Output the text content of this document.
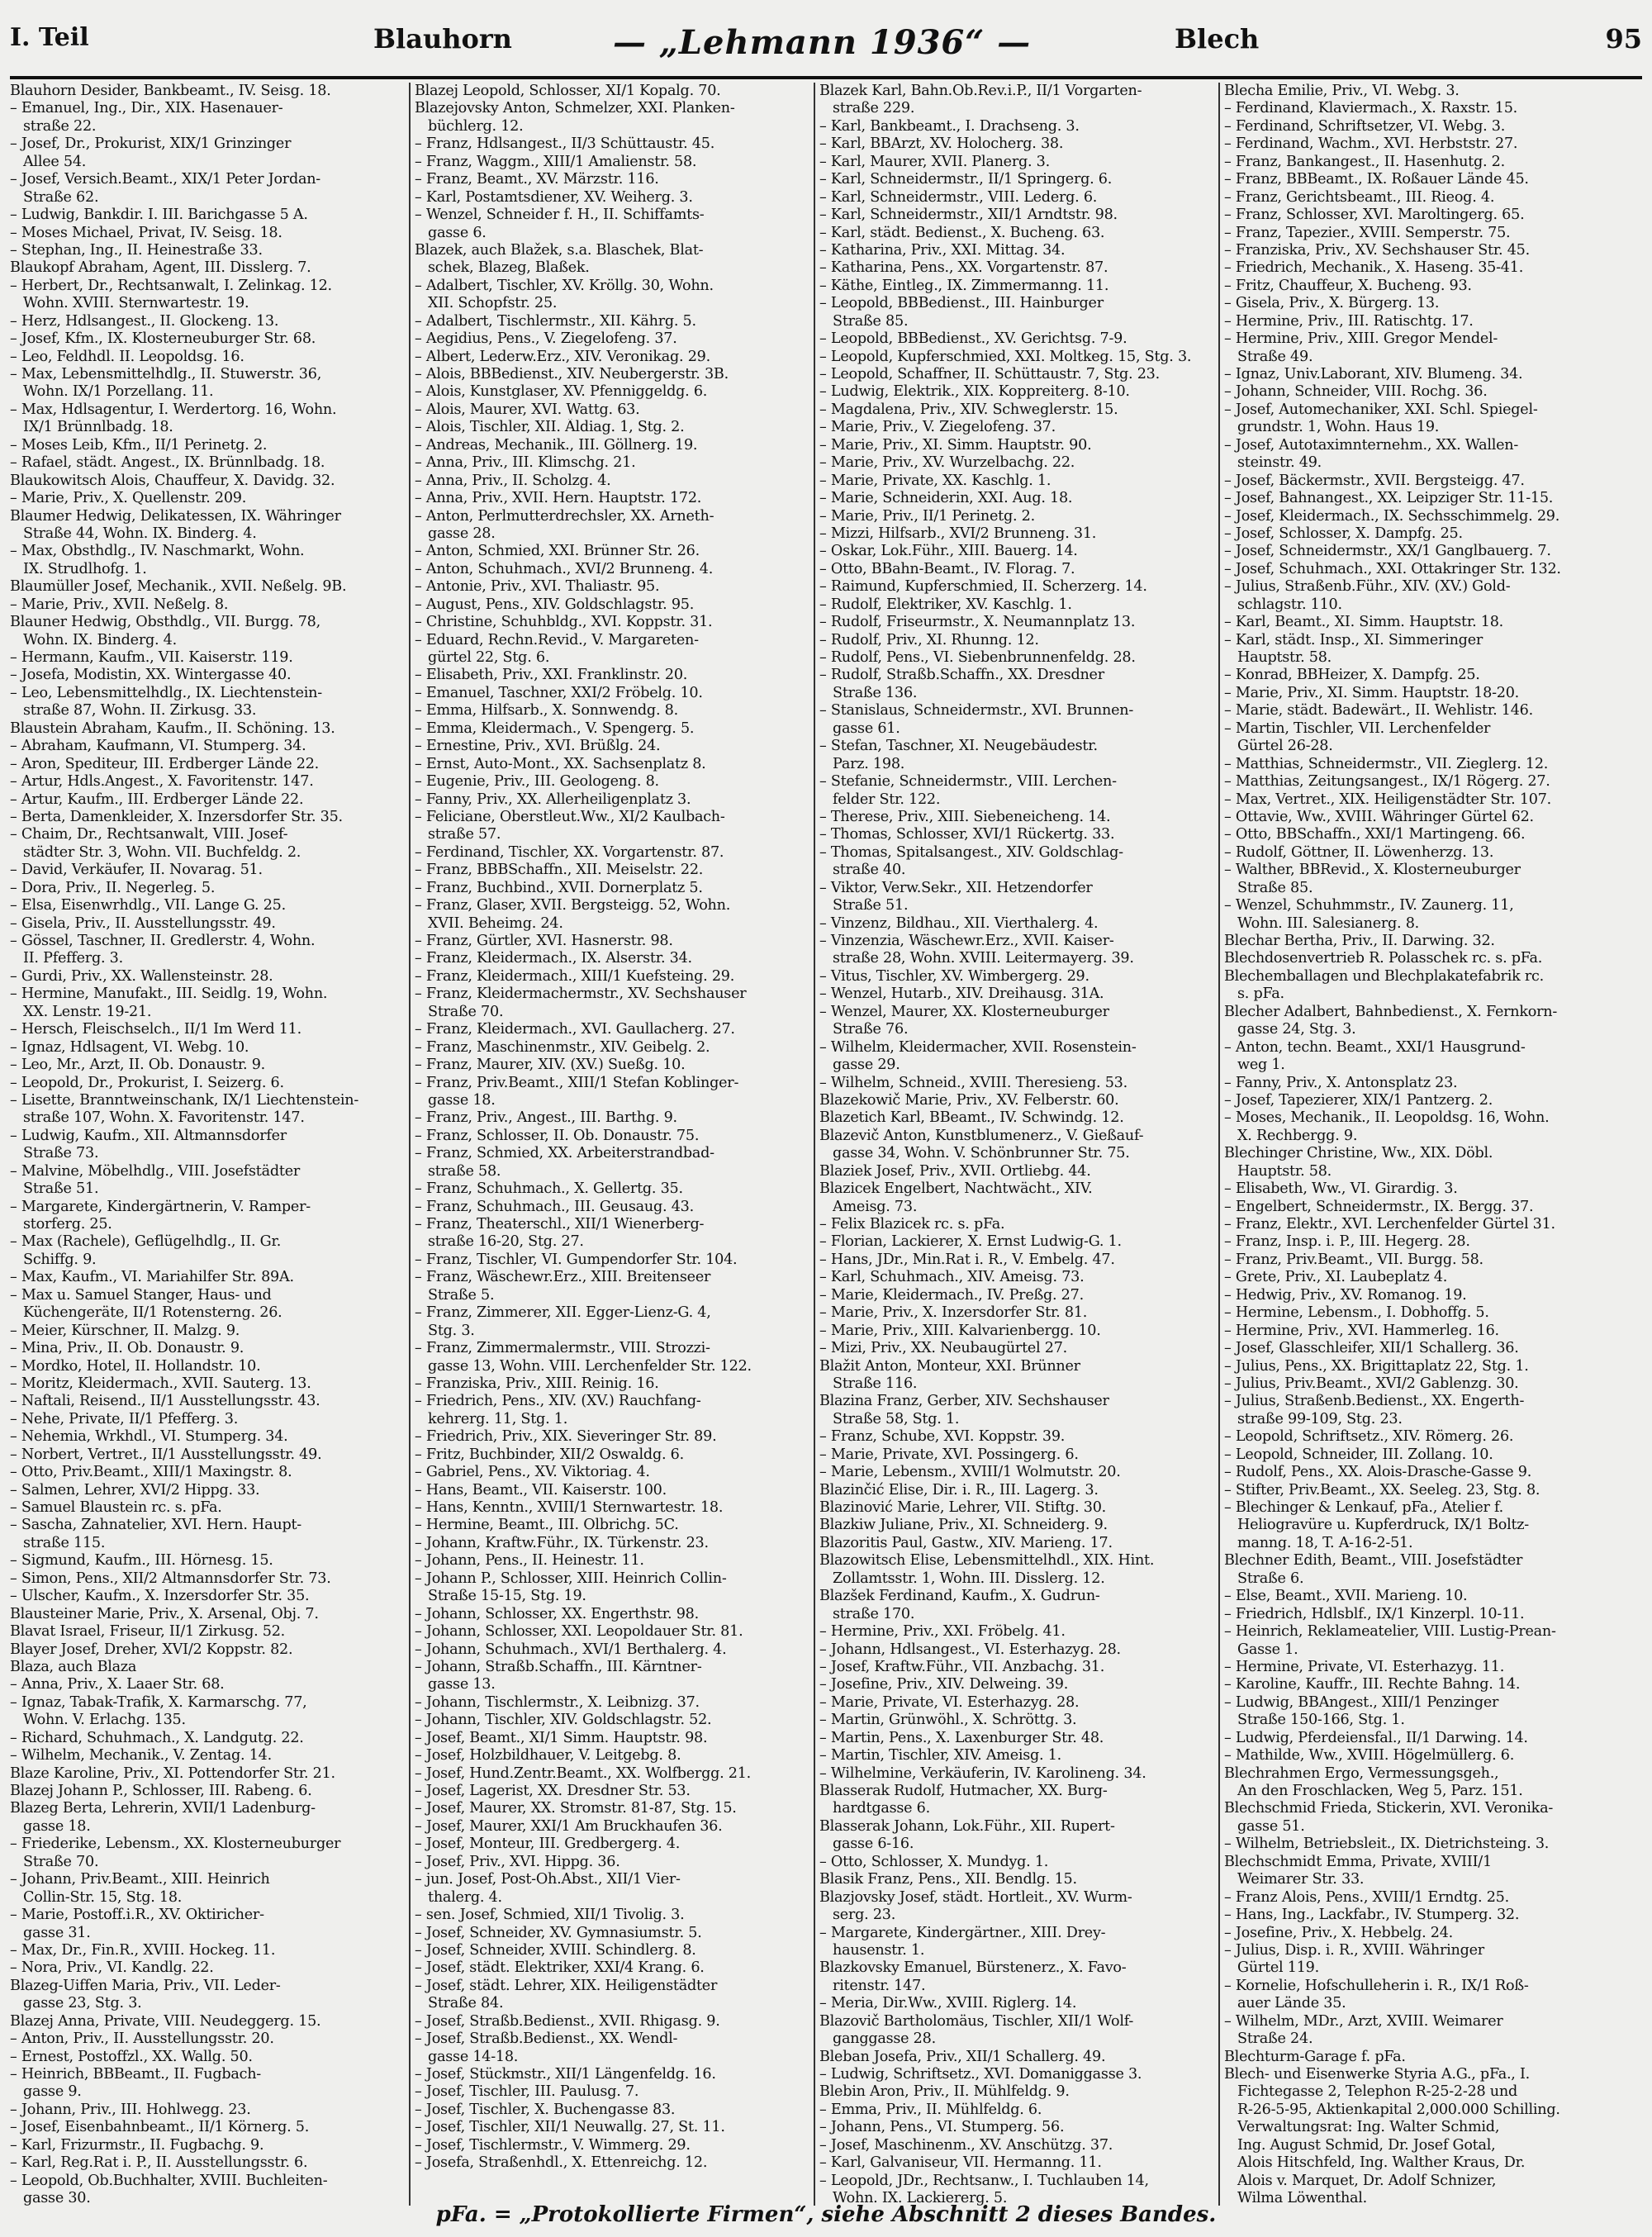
I. Teil	Blauhorn	— „Lehmann 1936“ —	Blech	95
Blauhorn Desider, Bankbeamt., IV. Seisg. 18.
– Emanuel, Ing., Dir., XIX. Hasenauer-
straße 22.
– Josef, Dr., Prokurist, XIX/1 Grinzinger
Allee 54.
– Josef, Versich.Beamt., XIX/1 Peter Jordan-
Straße 62.
– Ludwig, Bankdir. I. III. Barichgasse 5 A.
– Moses Michael, Privat, IV. Seisg. 18.
– Stephan, Ing., II. Heinestraße 33.
Blaukopf Abraham, Agent, III. Disslerg. 7.
– Herbert, Dr., Rechtsanwalt, I. Zelinkag. 12.
Wohn. XVIII. Sternwartestr. 19.
– Herz, Hdlsangest., II. Glockeng. 13.
– Josef, Kfm., IX. Klosterneuburger Str. 68.
– Leo, Feldhdl. II. Leopoldsg. 16.
– Max, Lebensmittelhdlg., II. Stuwerstr. 36,
Wohn. IX/1 Porzellang. 11.
– Max, Hdlsagentur, I. Werdertorg. 16, Wohn.
IX/1 Brünnlbadg. 18.
– Moses Leib, Kfm., II/1 Perinetg. 2.
– Rafael, städt. Angest., IX. Brünnlbadg. 18.
Blaukowitsch Alois, Chauffeur, X. Davidg. 32.
– Marie, Priv., X. Quellenstr. 209.
Blaumer Hedwig, Delikatessen, IX. Währinger
Straße 44, Wohn. IX. Binderg. 4.
– Max, Obsthdlg., IV. Naschmarkt, Wohn.
IX. Strudlhofg. 1.
Blaumüller Josef, Mechanik., XVII. Neßelg. 9B.
– Marie, Priv., XVII. Neßelg. 8.
Blauner Hedwig, Obsthdlg., VII. Burgg. 78,
Wohn. IX. Binderg. 4.
– Hermann, Kaufm., VII. Kaiserstr. 119.
– Josefa, Modistin, XX. Wintergasse 40.
– Leo, Lebensmittelhdlg., IX. Liechtenstein-
straße 87, Wohn. II. Zirkusg. 33.
Blaustein Abraham, Kaufm., II. Schöning. 13.
– Abraham, Kaufmann, VI. Stumperg. 34.
– Aron, Spediteur, III. Erdberger Lände 22.
– Artur, Hdls.Angest., X. Favoritenstr. 147.
– Artur, Kaufm., III. Erdberger Lände 22.
– Berta, Damenkleider, X. Inzersdorfer Str. 35.
– Chaim, Dr., Rechtsanwalt, VIII. Josef-
städter Str. 3, Wohn. VII. Buchfeldg. 2.
– David, Verkäufer, II. Novarag. 51.
– Dora, Priv., II. Negerleg. 5.
– Elsa, Eisenwrhdlg., VII. Lange G. 25.
– Gisela, Priv., II. Ausstellungsstr. 49.
– Gössel, Taschner, II. Gredlerstr. 4, Wohn.
II. Pfefferg. 3.
– Gurdi, Priv., XX. Wallensteinstr. 28.
– Hermine, Manufakt., III. Seidlg. 19, Wohn.
XX. Lenstr. 19-21.
– Hersch, Fleischselch., II/1 Im Werd 11.
– Ignaz, Hdlsagent, VI. Webg. 10.
– Leo, Mr., Arzt, II. Ob. Donaustr. 9.
– Leopold, Dr., Prokurist, I. Seizerg. 6.
– Lisette, Branntweinschank, IX/1 Liechtenstein-
straße 107, Wohn. X. Favoritenstr. 147.
– Ludwig, Kaufm., XII. Altmannsdorfer
Straße 73.
– Malvine, Möbelhdlg., VIII. Josefstädter
Straße 51.
– Margarete, Kindergärtnerin, V. Ramper-
storferg. 25.
– Max (Rachele), Geflügelhdlg., II. Gr.
Schiffg. 9.
– Max, Kaufm., VI. Mariahilfer Str. 89A.
– Max u. Samuel Stanger, Haus- und
Küchengeräte, II/1 Rotensterng. 26.
– Meier, Kürschner, II. Malzg. 9.
– Mina, Priv., II. Ob. Donaustr. 9.
– Mordko, Hotel, II. Hollandstr. 10.
– Moritz, Kleidermach., XVII. Sauterg. 13.
– Naftali, Reisend., II/1 Ausstellungsstr. 43.
– Nehe, Private, II/1 Pfefferg. 3.
– Nehemia, Wrkhdl., VI. Stumperg. 34.
– Norbert, Vertret., II/1 Ausstellungsstr. 49.
– Otto, Priv.Beamt., XIII/1 Maxingstr. 8.
– Salmen, Lehrer, XVI/2 Hippg. 33.
– Samuel Blaustein rc. s. pFa.
– Sascha, Zahnatelier, XVI. Hern. Haupt-
straße 115.
– Sigmund, Kaufm., III. Hörnesg. 15.
– Simon, Pens., XII/2 Altmannsdorfer Str. 73.
– Ulscher, Kaufm., X. Inzersdorfer Str. 35.
Blausteiner Marie, Priv., X. Arsenal, Obj. 7.
Blavat Israel, Friseur, II/1 Zirkusg. 52.
Blayer Josef, Dreher, XVI/2 Koppstr. 82.
Blaza, auch Blaza
– Anna, Priv., X. Laaer Str. 68.
– Ignaz, Tabak-Trafik, X. Karmarschg. 77,
Wohn. V. Erlachg. 135.
– Richard, Schuhmach., X. Landgutg. 22.
– Wilhelm, Mechanik., V. Zentag. 14.
Blaze Karoline, Priv., XI. Pottendorfer Str. 21.
Blazej Johann P., Schlosser, III. Rabeng. 6.
Blazeg Berta, Lehrerin, XVII/1 Ladenburg-
gasse 18.
– Friederike, Lebensm., XX. Klosterneuburger
Straße 70.
– Johann, Priv.Beamt., XIII. Heinrich
Collin-Str. 15, Stg. 18.
– Marie, Postoff.i.R., XV. Oktiricher-
gasse 31.
– Max, Dr., Fin.R., XVIII. Hockeg. 11.
– Nora, Priv., VI. Kandlg. 22.
Blazeg-Uiffen Maria, Priv., VII. Leder-
gasse 23, Stg. 3.
Blazej Anna, Private, VIII. Neudeggerg. 15.
– Anton, Priv., II. Ausstellungsstr. 20.
– Ernest, Postoffzl., XX. Wallg. 50.
– Heinrich, BBBeamt., II. Fugbach-
gasse 9.
– Johann, Priv., III. Hohlwegg. 23.
– Josef, Eisenbahnbeamt., II/1 Körnerg. 5.
– Karl, Frizurmstr., II. Fugbachg. 9.
– Karl, Reg.Rat i. P., II. Ausstellungsstr. 6.
– Leopold, Ob.Buchhalter, XVIII. Buchleiten-
gasse 30.
Blazej Leopold, Schlosser, XI/1 Kopalg. 70.
Blazejovsky Anton, Schmelzer, XXI. Planken-
büchlerg. 12.
– Franz, Hdlsangest., II/3 Schüttaustr. 45.
– Franz, Waggm., XIII/1 Amalienstr. 58.
– Franz, Beamt., XV. Märzstr. 116.
– Karl, Postamtsdiener, XV. Weiherg. 3.
– Wenzel, Schneider f. H., II. Schiffamts-
gasse 6.
Blazek, auch Blažek, s.a. Blaschek, Blat-
schek, Blazeg, Blaßek.
– Adalbert, Tischler, XV. Kröllg. 30, Wohn.
XII. Schopfstr. 25.
– Adalbert, Tischlermstr., XII. Kährg. 5.
– Aegidius, Pens., V. Ziegelofeng. 37.
– Albert, Lederw.Erz., XIV. Veronikag. 29.
– Alois, BBBedienst., XIV. Neubergerstr. 3B.
– Alois, Kunstglaser, XV. Pfenniggeldg. 6.
– Alois, Maurer, XVI. Wattg. 63.
– Alois, Tischler, XII. Äldiag. 1, Stg. 2.
– Andreas, Mechanik., III. Göllnerg. 19.
– Anna, Priv., III. Klimschg. 21.
– Anna, Priv., II. Scholzg. 4.
– Anna, Priv., XVII. Hern. Hauptstr. 172.
– Anton, Perlmutterdrechsler, XX. Arneth-
gasse 28.
– Anton, Schmied, XXI. Brünner Str. 26.
– Anton, Schuhmach., XVI/2 Brunneng. 4.
– Antonie, Priv., XVI. Thaliastr. 95.
– August, Pens., XIV. Goldschlagstr. 95.
– Christine, Schuhbldg., XVI. Koppstr. 31.
– Eduard, Rechn.Revid., V. Margareten-
gürtel 22, Stg. 6.
– Elisabeth, Priv., XXI. Franklinstr. 20.
– Emanuel, Taschner, XXI/2 Fröbelg. 10.
– Emma, Hilfsarb., X. Sonnwendg. 8.
– Emma, Kleidermach., V. Spengerg. 5.
– Ernestine, Priv., XVI. Brüßlg. 24.
– Ernst, Auto-Mont., XX. Sachsenplatz 8.
– Eugenie, Priv., III. Geologeng. 8.
– Fanny, Priv., XX. Allerheiligenplatz 3.
– Feliciane, Oberstleut.Ww., XI/2 Kaulbach-
straße 57.
– Ferdinand, Tischler, XX. Vorgartenstr. 87.
– Franz, BBBSchaffn., XII. Meiselstr. 22.
– Franz, Buchbind., XVII. Dornerplatz 5.
– Franz, Glaser, XVII. Bergsteigg. 52, Wohn.
XVII. Beheimg. 24.
– Franz, Gürtler, XVI. Hasnerstr. 98.
– Franz, Kleidermach., IX. Alserstr. 34.
– Franz, Kleidermach., XIII/1 Kuefsteing. 29.
– Franz, Kleidermachermstr., XV. Sechshauser
Straße 70.
– Franz, Kleidermach., XVI. Gaullacherg. 27.
– Franz, Maschinenmstr., XIV. Geibelg. 2.
– Franz, Maurer, XIV. (XV.) Sueßg. 10.
– Franz, Priv.Beamt., XIII/1 Stefan Koblinger-
gasse 18.
– Franz, Priv., Angest., III. Barthg. 9.
– Franz, Schlosser, II. Ob. Donaustr. 75.
– Franz, Schmied, XX. Arbeiterstrandbad-
straße 58.
– Franz, Schuhmach., X. Gellertg. 35.
– Franz, Schuhmach., III. Geusaug. 43.
– Franz, Theaterschl., XII/1 Wienerberg-
straße 16-20, Stg. 27.
– Franz, Tischler, VI. Gumpendorfer Str. 104.
– Franz, Wäschewr.Erz., XIII. Breitenseer
Straße 5.
– Franz, Zimmerer, XII. Egger-Lienz-G. 4,
Stg. 3.
– Franz, Zimmermalermstr., VIII. Strozzi-
gasse 13, Wohn. VIII. Lerchenfelder Str. 122.
– Franziska, Priv., XIII. Reinig. 16.
– Friedrich, Pens., XIV. (XV.) Rauchfang-
kehrerg. 11, Stg. 1.
– Friedrich, Priv., XIX. Sieveringer Str. 89.
– Fritz, Buchbinder, XII/2 Oswaldg. 6.
– Gabriel, Pens., XV. Viktoriag. 4.
– Hans, Beamt., VII. Kaiserstr. 100.
– Hans, Kenntn., XVIII/1 Sternwartestr. 18.
– Hermine, Beamt., III. Olbrichg. 5C.
– Johann, Kraftw.Führ., IX. Türkenstr. 23.
– Johann, Pens., II. Heinestr. 11.
– Johann P., Schlosser, XIII. Heinrich Collin-
Straße 15-15, Stg. 19.
– Johann, Schlosser, XX. Engerthstr. 98.
– Johann, Schlosser, XXI. Leopoldauer Str. 81.
– Johann, Schuhmach., XVI/1 Berthalerg. 4.
– Johann, Straßb.Schaffn., III. Kärntner-
gasse 13.
– Johann, Tischlermstr., X. Leibnizg. 37.
– Johann, Tischler, XIV. Goldschlagstr. 52.
– Josef, Beamt., XI/1 Simm. Hauptstr. 98.
– Josef, Holzbildhauer, V. Leitgebg. 8.
– Josef, Hund.Zentr.Beamt., XX. Wolfbergg. 21.
– Josef, Lagerist, XX. Dresdner Str. 53.
– Josef, Maurer, XX. Stromstr. 81-87, Stg. 15.
– Josef, Maurer, XXI/1 Am Bruckhaufen 36.
– Josef, Monteur, III. Gredbergerg. 4.
– Josef, Priv., XVI. Hippg. 36.
– jun. Josef, Post-Oh.Abst., XII/1 Vier-
thalerg. 4.
– sen. Josef, Schmied, XII/1 Tivolig. 3.
– Josef, Schneider, XV. Gymnasiumstr. 5.
– Josef, Schneider, XVIII. Schindlerg. 8.
– Josef, städt. Elektriker, XXI/4 Krang. 6.
– Josef, städt. Lehrer, XIX. Heiligenstädter
Straße 84.
– Josef, Straßb.Bedienst., XVII. Rhigasg. 9.
– Josef, Straßb.Bedienst., XX. Wendl-
gasse 14-18.
– Josef, Stückmstr., XII/1 Längenfeldg. 16.
– Josef, Tischler, III. Paulusg. 7.
– Josef, Tischler, X. Buchengasse 83.
– Josef, Tischler, XII/1 Neuwallg. 27, St. 11.
– Josef, Tischlermstr., V. Wimmerg. 29.
– Josefa, Straßenhdl., X. Ettenreichg. 12.
Blazek Karl, Bahn.Ob.Rev.i.P., II/1 Vorgarten-
straße 229.
– Karl, Bankbeamt., I. Drachseng. 3.
– Karl, BBArzt, XV. Holocherg. 38.
– Karl, Maurer, XVII. Planerg. 3.
– Karl, Schneidermstr., II/1 Springerg. 6.
– Karl, Schneidermstr., VIII. Lederg. 6.
– Karl, Schneidermstr., XII/1 Arndtstr. 98.
– Karl, städt. Bedienst., X. Bucheng. 63.
– Katharina, Priv., XXI. Mittag. 34.
– Katharina, Pens., XX. Vorgartenstr. 87.
– Käthe, Eintleg., IX. Zimmermanng. 11.
– Leopold, BBBedienst., III. Hainburger
Straße 85.
– Leopold, BBBedienst., XV. Gerichtsg. 7-9.
– Leopold, Kupferschmied, XXI. Moltkeg. 15, Stg. 3.
– Leopold, Schaffner, II. Schüttaustr. 7, Stg. 23.
– Ludwig, Elektrik., XIX. Koppreiterg. 8-10.
– Magdalena, Priv., XIV. Schweglerstr. 15.
– Marie, Priv., V. Ziegelofeng. 37.
– Marie, Priv., XI. Simm. Hauptstr. 90.
– Marie, Priv., XV. Wurzelbachg. 22.
– Marie, Private, XX. Kaschlg. 1.
– Marie, Schneiderin, XXI. Aug. 18.
– Marie, Priv., II/1 Perinetg. 2.
– Mizzi, Hilfsarb., XVI/2 Brunneng. 31.
– Oskar, Lok.Führ., XIII. Bauerg. 14.
– Otto, BBahn-Beamt., IV. Florag. 7.
– Raimund, Kupferschmied, II. Scherzerg. 14.
– Rudolf, Elektriker, XV. Kaschlg. 1.
– Rudolf, Friseurmstr., X. Neumannplatz 13.
– Rudolf, Priv., XI. Rhunng. 12.
– Rudolf, Pens., VI. Siebenbrunnenfeldg. 28.
– Rudolf, Straßb.Schaffn., XX. Dresdner
Straße 136.
– Stanislaus, Schneidermstr., XVI. Brunnen-
gasse 61.
– Stefan, Taschner, XI. Neugebäudestr.
Parz. 198.
– Stefanie, Schneidermstr., VIII. Lerchen-
felder Str. 122.
– Therese, Priv., XIII. Siebeneicheng. 14.
– Thomas, Schlosser, XVI/1 Rückertg. 33.
– Thomas, Spitalsangest., XIV. Goldschlag-
straße 40.
– Viktor, Verw.Sekr., XII. Hetzendorfer
Straße 51.
– Vinzenz, Bildhau., XII. Vierthalerg. 4.
– Vinzenzia, Wäschewr.Erz., XVII. Kaiser-
straße 28, Wohn. XVIII. Leitermayerg. 39.
– Vitus, Tischler, XV. Wimbergerg. 29.
– Wenzel, Hutarb., XIV. Dreihausg. 31A.
– Wenzel, Maurer, XX. Klosterneuburger
Straße 76.
– Wilhelm, Kleidermacher, XVII. Rosenstein-
gasse 29.
– Wilhelm, Schneid., XVIII. Theresieng. 53.
Blazekowič Marie, Priv., XV. Felberstr. 60.
Blazetich Karl, BBeamt., IV. Schwindg. 12.
Blazevič Anton, Kunstblumenerz., V. Gießauf-
gasse 34, Wohn. V. Schönbrunner Str. 75.
Blaziek Josef, Priv., XVII. Ortliebg. 44.
Blazicek Engelbert, Nachtwächt., XIV.
Ameisg. 73.
– Felix Blazicek rc. s. pFa.
– Florian, Lackierer, X. Ernst Ludwig-G. 1.
– Hans, JDr., Min.Rat i. R., V. Embelg. 47.
– Karl, Schuhmach., XIV. Ameisg. 73.
– Marie, Kleidermach., IV. Preßg. 27.
– Marie, Priv., X. Inzersdorfer Str. 81.
– Marie, Priv., XIII. Kalvarienbergg. 10.
– Mizi, Priv., XX. Neubaugürtel 27.
Blažit Anton, Monteur, XXI. Brünner
Straße 116.
Blazina Franz, Gerber, XIV. Sechshauser
Straße 58, Stg. 1.
– Franz, Schube, XVI. Koppstr. 39.
– Marie, Private, XVI. Possingerg. 6.
– Marie, Lebensm., XVIII/1 Wolmutstr. 20.
Blazinčić Elise, Dir. i. R., III. Lagerg. 3.
Blazinović Marie, Lehrer, VII. Stiftg. 30.
Blazkiw Juliane, Priv., XI. Schneiderg. 9.
Blazoritis Paul, Gastw., XIV. Marieng. 17.
Blazowitsch Elise, Lebensmittelhdl., XIX. Hint.
Zollamtsstr. 1, Wohn. III. Disslerg. 12.
Blazšek Ferdinand, Kaufm., X. Gudrun-
straße 170.
– Hermine, Priv., XXI. Fröbelg. 41.
– Johann, Hdlsangest., VI. Esterhazyg. 28.
– Josef, Kraftw.Führ., VII. Anzbachg. 31.
– Josefine, Priv., XIV. Delweing. 39.
– Marie, Private, VI. Esterhazyg. 28.
– Martin, Grünwöhl., X. Schröttg. 3.
– Martin, Pens., X. Laxenburger Str. 48.
– Martin, Tischler, XIV. Ameisg. 1.
– Wilhelmine, Verkäuferin, IV. Karolineng. 34.
Blasserak Rudolf, Hutmacher, XX. Burg-
hardtgasse 6.
Blasserak Johann, Lok.Führ., XII. Rupert-
gasse 6-16.
– Otto, Schlosser, X. Mundyg. 1.
Blasik Franz, Pens., XII. Bendlg. 15.
Blazjovsky Josef, städt. Hortleit., XV. Wurm-
serg. 23.
– Margarete, Kindergärtner., XIII. Drey-
hausenstr. 1.
Blazkovsky Emanuel, Bürstenerz., X. Favo-
ritenstr. 147.
– Meria, Dir.Ww., XVIII. Riglerg. 14.
Blazovič Bartholomäus, Tischler, XII/1 Wolf-
ganggasse 28.
Bleban Josefa, Priv., XII/1 Schallerg. 49.
– Ludwig, Schriftsetz., XVI. Domaniggasse 3.
Blebin Aron, Priv., II. Mühlfeldg. 9.
– Emma, Priv., II. Mühlfeldg. 6.
– Johann, Pens., VI. Stumperg. 56.
– Josef, Maschinenm., XV. Anschützg. 37.
– Karl, Galvaniseur, VII. Hermanng. 11.
– Leopold, JDr., Rechtsanw., I. Tuchlauben 14,
Wohn. IX. Lackiererg. 5.
Blecha Emilie, Priv., VI. Webg. 3.
– Ferdinand, Klaviermach., X. Raxstr. 15.
– Ferdinand, Schriftsetzer, VI. Webg. 3.
– Ferdinand, Wachm., XVI. Herbststr. 27.
– Franz, Bankangest., II. Hasenhutg. 2.
– Franz, BBBeamt., IX. Roßauer Lände 45.
– Franz, Gerichtsbeamt., III. Rieog. 4.
– Franz, Schlosser, XVI. Maroltingerg. 65.
– Franz, Tapezier., XVIII. Semperstr. 75.
– Franziska, Priv., XV. Sechshauser Str. 45.
– Friedrich, Mechanik., X. Haseng. 35-41.
– Fritz, Chauffeur, X. Bucheng. 93.
– Gisela, Priv., X. Bürgerg. 13.
– Hermine, Priv., III. Ratischtg. 17.
– Hermine, Priv., XIII. Gregor Mendel-
Straße 49.
– Ignaz, Univ.Laborant, XIV. Blumeng. 34.
– Johann, Schneider, VIII. Rochg. 36.
– Josef, Automechaniker, XXI. Schl. Spiegel-
grundstr. 1, Wohn. Haus 19.
– Josef, Autotaximnternehm., XX. Wallen-
steinstr. 49.
– Josef, Bäckermstr., XVII. Bergsteigg. 47.
– Josef, Bahnangest., XX. Leipziger Str. 11-15.
– Josef, Kleidermach., IX. Sechsschimmelg. 29.
– Josef, Schlosser, X. Dampfg. 25.
– Josef, Schneidermstr., XX/1 Ganglbauerg. 7.
– Josef, Schuhmach., XXI. Ottakringer Str. 132.
– Julius, Straßenb.Führ., XIV. (XV.) Gold-
schlagstr. 110.
– Karl, Beamt., XI. Simm. Hauptstr. 18.
– Karl, städt. Insp., XI. Simmeringer
Hauptstr. 58.
– Konrad, BBHeizer, X. Dampfg. 25.
– Marie, Priv., XI. Simm. Hauptstr. 18-20.
– Marie, städt. Badewärt., II. Wehlistr. 146.
– Martin, Tischler, VII. Lerchenfelder
Gürtel 26-28.
– Matthias, Schneidermstr., VII. Zieglerg. 12.
– Matthias, Zeitungsangest., IX/1 Rögerg. 27.
– Max, Vertret., XIX. Heiligenstädter Str. 107.
– Ottavie, Ww., XVIII. Währinger Gürtel 62.
– Otto, BBSchaffn., XXI/1 Martingeng. 66.
– Rudolf, Göttner, II. Löwenherzg. 13.
– Walther, BBRevid., X. Klosterneuburger
Straße 85.
– Wenzel, Schuhmmstr., IV. Zaunerg. 11,
Wohn. III. Salesianerg. 8.
Blechar Bertha, Priv., II. Darwing. 32.
Blechdosenvertrieb R. Polasschek rc. s. pFa.
Blechemballagen und Blechplakatefabrik rc.
s. pFa.
Blecher Adalbert, Bahnbedienst., X. Fernkorn-
gasse 24, Stg. 3.
– Anton, techn. Beamt., XXI/1 Hausgrund-
weg 1.
– Fanny, Priv., X. Antonsplatz 23.
– Josef, Tapezierer, XIX/1 Pantzerg. 2.
– Moses, Mechanik., II. Leopoldsg. 16, Wohn.
X. Rechbergg. 9.
Blechinger Christine, Ww., XIX. Döbl.
Hauptstr. 58.
– Elisabeth, Ww., VI. Girardig. 3.
– Engelbert, Schneidermstr., IX. Bergg. 37.
– Franz, Elektr., XVI. Lerchenfelder Gürtel 31.
– Franz, Insp. i. P., III. Hegerg. 28.
– Franz, Priv.Beamt., VII. Burgg. 58.
– Grete, Priv., XI. Laubeplatz 4.
– Hedwig, Priv., XV. Romanog. 19.
– Hermine, Lebensm., I. Dobhoffg. 5.
– Hermine, Priv., XVI. Hammerleg. 16.
– Josef, Glasschleifer, XII/1 Schallerg. 36.
– Julius, Pens., XX. Brigittaplatz 22, Stg. 1.
– Julius, Priv.Beamt., XVI/2 Gablenzg. 30.
– Julius, Straßenb.Bedienst., XX. Engerth-
straße 99-109, Stg. 23.
– Leopold, Schriftsetz., XIV. Römerg. 26.
– Leopold, Schneider, III. Zollang. 10.
– Rudolf, Pens., XX. Alois-Drasche-Gasse 9.
– Stifter, Priv.Beamt., XX. Seeleg. 23, Stg. 8.
– Blechinger & Lenkauf, pFa., Atelier f.
Heliogravüre u. Kupferdruck, IX/1 Boltz-
manng. 18, T. A-16-2-51.
Blechner Edith, Beamt., VIII. Josefstädter
Straße 6.
– Else, Beamt., XVII. Marieng. 10.
– Friedrich, Hdlsblf., IX/1 Kinzerpl. 10-11.
– Heinrich, Reklameatelier, VIII. Lustig-Prean-
Gasse 1.
– Hermine, Private, VI. Esterhazyg. 11.
– Karoline, Kauffr., III. Rechte Bahng. 14.
– Ludwig, BBAngest., XIII/1 Penzinger
Straße 150-166, Stg. 1.
– Ludwig, Pferdeiensfal., II/1 Darwing. 14.
– Mathilde, Ww., XVIII. Högelmüllerg. 6.
Blechrahmen Ergo, Vermessungsgeh.,
An den Froschlacken, Weg 5, Parz. 151.
Blechschmid Frieda, Stickerin, XVI. Veronika-
gasse 51.
– Wilhelm, Betriebsleit., IX. Dietrichsteing. 3.
Blechschmidt Emma, Private, XVIII/1
Weimarer Str. 33.
– Franz Alois, Pens., XVIII/1 Erndtg. 25.
– Hans, Ing., Lackfabr., IV. Stumperg. 32.
– Josefine, Priv., X. Hebbelg. 24.
– Julius, Disp. i. R., XVIII. Währinger
Gürtel 119.
– Kornelie, Hofschulleherin i. R., IX/1 Roß-
auer Lände 35.
– Wilhelm, MDr., Arzt, XVIII. Weimarer
Straße 24.
Blechturm-Garage f. pFa.
Blech- und Eisenwerke Styria A.G., pFa., I.
Fichtegasse 2, Telephon R-25-2-28 und
R-26-5-95, Aktienkapital 2,000.000 Schilling.
Verwaltungsrat: Ing. Walter Schmid,
Ing. August Schmid, Dr. Josef Gotal,
Alois Hitschfeld, Ing. Walther Kraus, Dr.
Alois v. Marquet, Dr. Adolf Schnizer,
Wilma Löwenthal.
pFa. = „Protokollierte Firmen“, siehe Abschnitt 2 dieses Bandes.
